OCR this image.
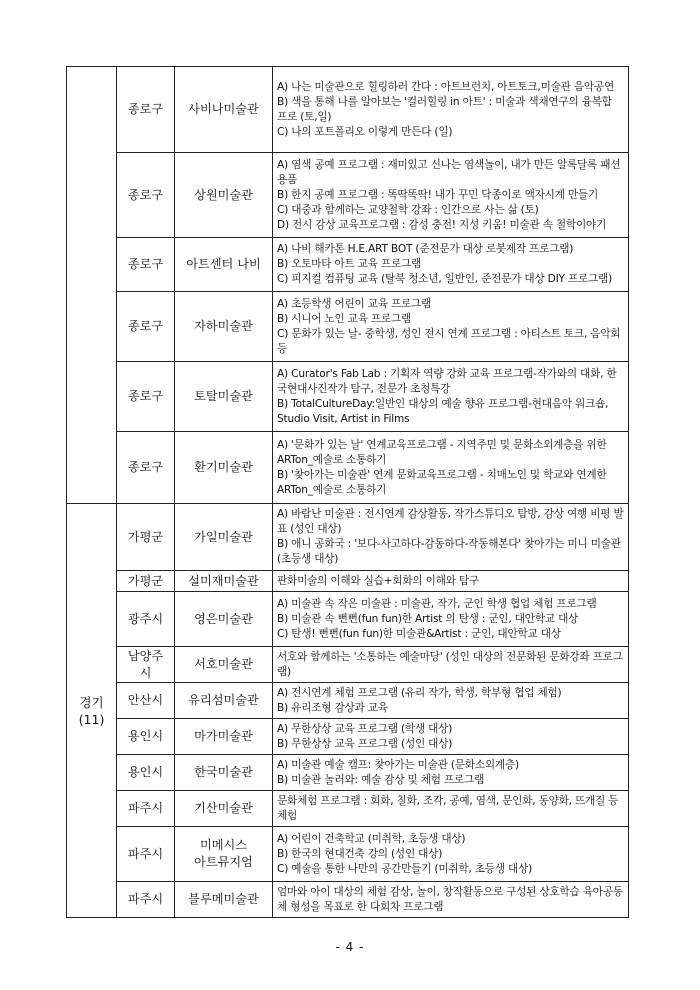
	종로구	사비나미술관	A) 나는 미술관으로 힐링하러 간다 : 아트브런치, 아트토크,미술관 음악공연
B) 색을 통해 나를 알아보는 '컬러힐링 in 아트' : 미술과 색채연구의 융복합 프로 (토,일)
C) 나의 포트폴리오 이렇게 만든다 (일)

	종로구	상원미술관	A) 염색 공예 프로그램 : 재미있고 신나는 염색놀이, 내가 만든 알록달록 패션용품
B) 한지 공예 프로그램 : 똑딱똑딱! 내가 꾸민 닥종이로 액자시계 만들기
C) 대중과 함께하는 교양철학 강좌 : 인간으로 사는 삶 (토)
D) 전시 감상 교육프로그램 : 감성 충전! 지성 키움! 미술관 속 철학이야기

	종로구	아트센터 나비	A) 나비 해카톤 H.E.ART BOT (준전문가 대상 로봇제작 프로그램)
B) 오토마타 아트 교육 프로그램
C) 피지컬 컴퓨팅 교육 (탈북 청소년, 일반인, 준전문가 대상 DIY 프로그램)

	종로구	자하미술관	A) 초등학생 어린이 교육 프로그램
B) 시니어 노인 교육 프로그램
C) 문화가 있는 날- 중학생, 성인 전시 연계 프로그램 : 아티스트 토크, 음악회 등

	종로구	토탈미술관	A) Curator's Fab Lab : 기획자 역량 강화 교육 프로그램-작가와의 대화, 한국현대사진작가 탐구, 전문가 초청특강
B) TotalCultureDay:일반인 대상의 예술 향유 프로그램-현대음악 워크숍, Studio Visit, Artist in Films

	종로구	환기미술관	A) '문화가 있는 날' 연계교육프로그램 - 지역주민 및 문화소외계층을 위한 ARTon_예술로 소통하기
B) '찾아가는 미술관' 연계 문화교육프로그램 - 치매노인 및 학교와 연계한 ARTon_예술로 소통하기

경기
(11)	가평군	가일미술관	A) 바람난 미술관 : 전시연계 감상활동, 작가스튜디오 탐방, 감상 여행 비평 발표 (성인 대상)
B) 애니 공화국 : '보다-사고하다-감동하다-작동해본다' 찾아가는 미니 미술관 (초등생 대상)

	가평군	설미재미술관	판화미술의 이해와 실습+회화의 이해와 탐구

	광주시	영은미술관	A) 미술관 속 작은 미술관 : 미술관, 작가, 군인 학생 협업 체험 프로그램
B) 미술관 속 뻔뻔(fun fun)한 Artist 의 탄생 : 군인, 대안학교 대상
C) 탄생! 뻔뻔(fun fun)한 미술관&Artist : 군인, 대안학교 대상

	남양주
시	서호미술관	서호와 함께하는 '소통하는 예술마당' (성인 대상의 전문화된 문화강좌 프로그램)

	안산시	유리섬미술관	A) 전시연계 체험 프로그램 (유리 작가, 학생, 학부형 협업 체험)
B) 유리조형 감상과 교육

	용인시	마가미술관	A) 무한상상 교육 프로그램 (학생 대상)
B) 무한상상 교육 프로그램 (성인 대상)

	용인시	한국미술관	A) 미술관 예술 캠프: 찾아가는 미술관 (문화소외계층)
B) 미술관 놀러와: 예술 감상 및 체험 프로그램

	파주시	기산미술관	문화체험 프로그램 : 회화, 칠화, 조각, 공예, 염색, 문인화, 동양화, 뜨개질 등 체험

	파주시	미메시스
아트뮤지엄	A) 어린이 건축학교 (미취학, 초등생 대상)
B) 한국의 현대건축 강의 (성인 대상)
C) 예술을 통한 나만의 공간만들기 (미취학, 초등생 대상)

	파주시	블루메미술관	엄마와 아이 대상의 체험 감상, 놀이, 창작활동으로 구성된 상호학습 육아공동체 형성을 목표로 한 다회차 프로그램
- 4 -
